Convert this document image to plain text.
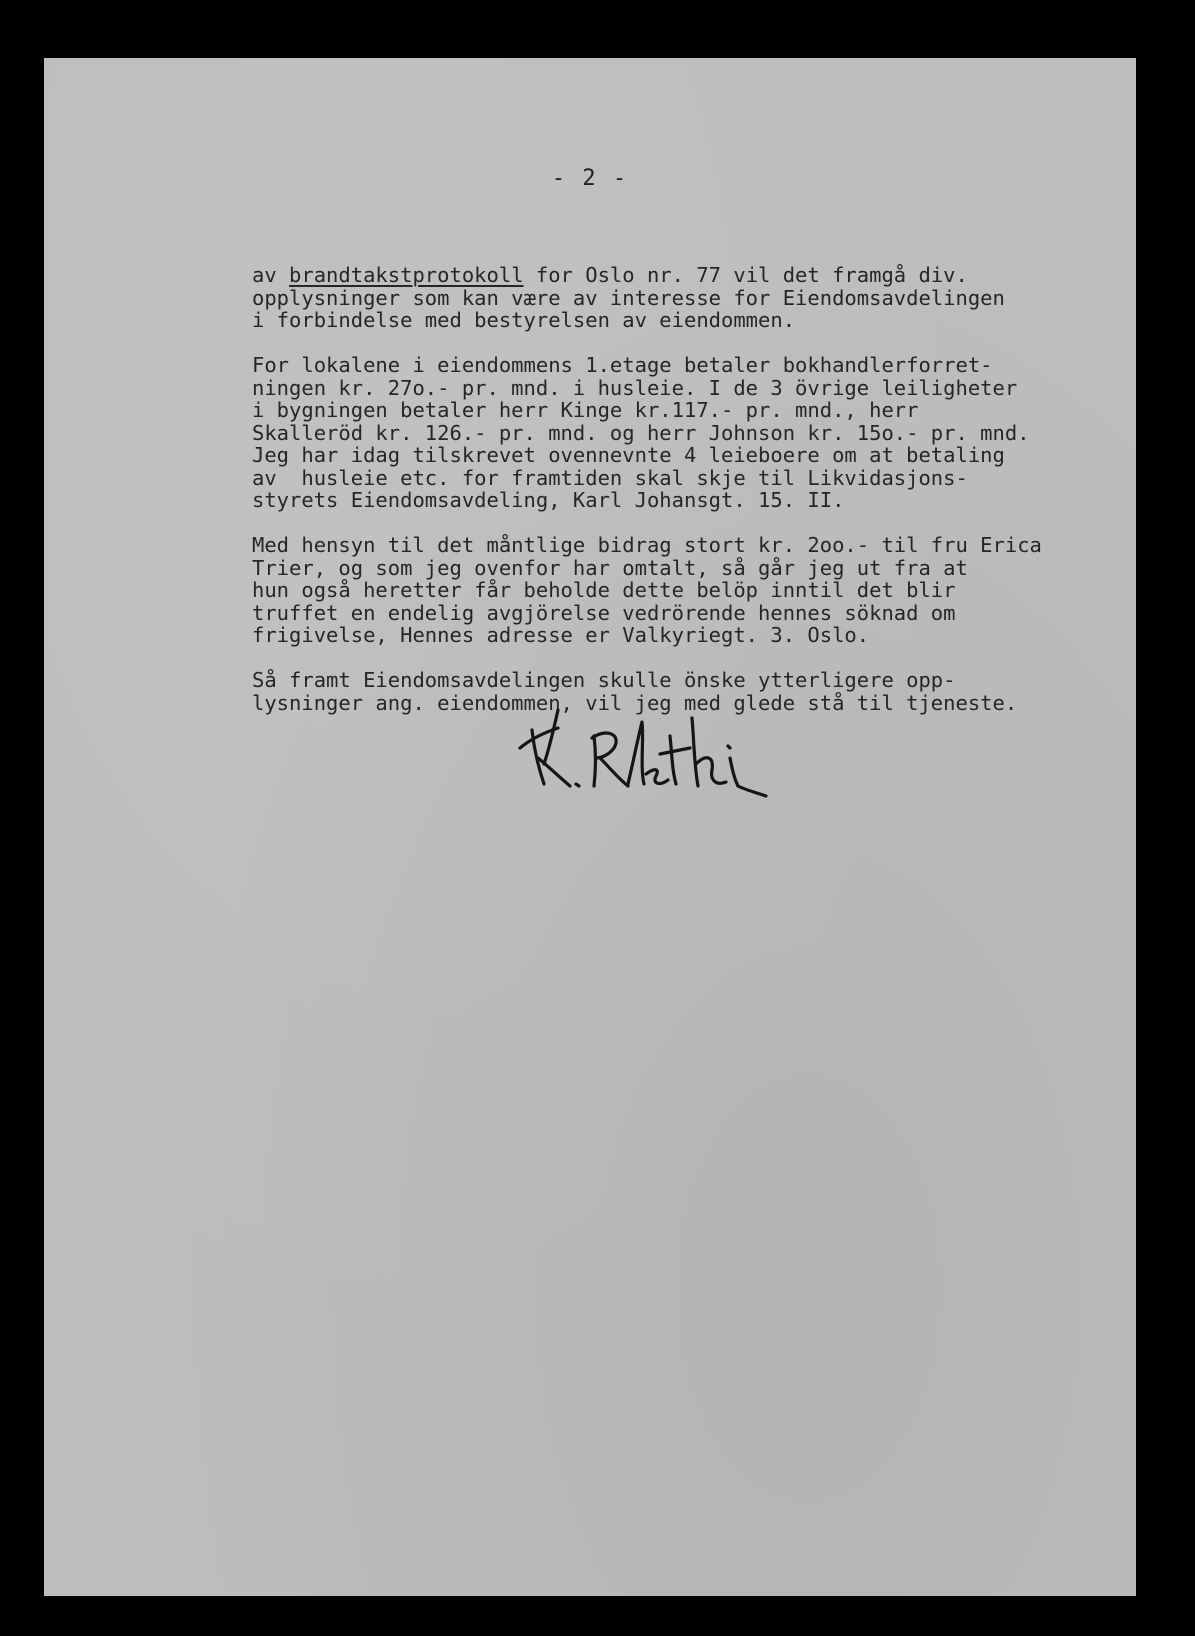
- 2 -
av brandtakstprotokoll for Oslo nr. 77 vil det framgå div.
opplysninger som kan være av interesse for Eiendomsavdelingen
i forbindelse med bestyrelsen av eiendommen.
For lokalene i eiendommens 1.etage betaler bokhandlerforret-
ningen kr. 27o.- pr. mnd. i husleie. I de 3 övrige leiligheter
i bygningen betaler herr Kinge kr.117.- pr. mnd., herr
Skalleröd kr. 126.- pr. mnd. og herr Johnson kr. 15o.- pr. mnd.
Jeg har idag tilskrevet ovennevnte 4 leieboere om at betaling
av  husleie etc. for framtiden skal skje til Likvidasjons-
styrets Eiendomsavdeling, Karl Johansgt. 15. II.
Med hensyn til det måntlige bidrag stort kr. 2oo.- til fru Erica
Trier, og som jeg ovenfor har omtalt, så går jeg ut fra at
hun også heretter får beholde dette belöp inntil det blir
truffet en endelig avgjörelse vedrörende hennes söknad om
frigivelse, Hennes adresse er Valkyriegt. 3. Oslo.
Så framt Eiendomsavdelingen skulle önske ytterligere opp-
lysninger ang. eiendommen, vil jeg med glede stå til tjeneste.
